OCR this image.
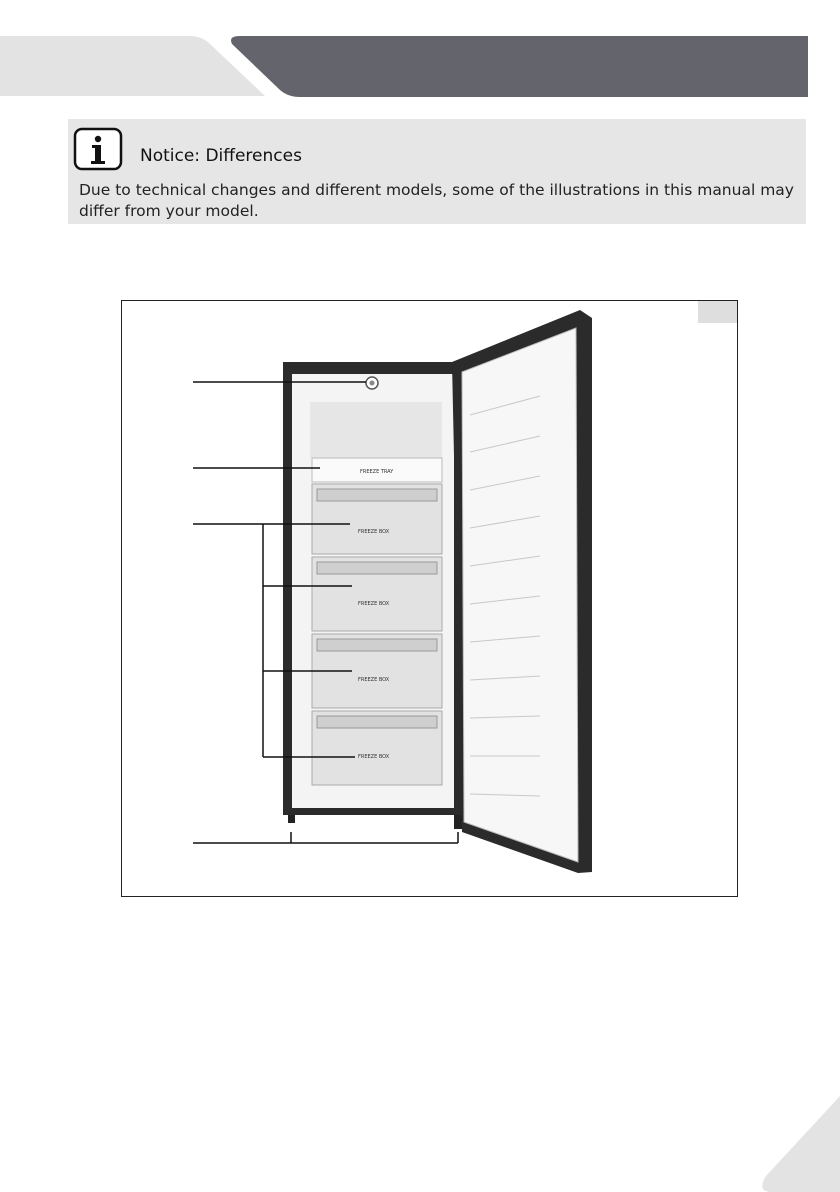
Notice: Differences
Due to technical changes and different models, some of the illustrations in this manual may differ from your model.
FREEZE TRAY
FREEZE BOX
FREEZE BOX
FREEZE BOX
FREEZE BOX
